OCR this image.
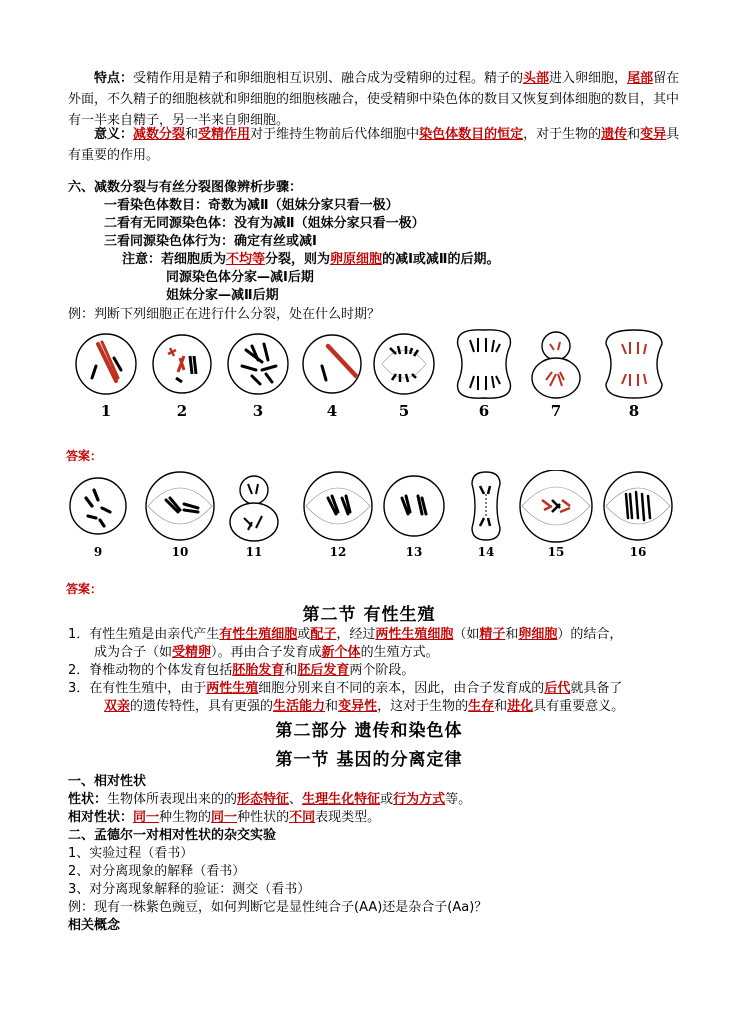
特点：受精作用是精子和卵细胞相互识别、融合成为受精卵的过程。精子的头部进入卵细胞，尾部留在外面，不久精子的细胞核就和卵细胞的细胞核融合，使受精卵中染色体的数目又恢复到体细胞的数目，其中有一半来自精子，另一半来自卵细胞。

意义：减数分裂和受精作用对于维持生物前后代体细胞中染色体数目的恒定，对于生物的遗传和变异具有重要的作用。

六、减数分裂与有丝分裂图像辨析步骤：

一看染色体数目：奇数为减Ⅱ（姐妹分家只看一极）

二看有无同源染色体：没有为减Ⅱ（姐妹分家只看一极）

三看同源染色体行为：确定有丝或减Ⅰ

注意：若细胞质为不均等分裂，则为卵原细胞的减Ⅰ或减Ⅱ的后期。

同源染色体分家—减Ⅰ后期

姐妹分家—减Ⅱ后期

例：判断下列细胞正在进行什么分裂，处在什么时期？

1	2	3	4	5	6	7	8
答案：
9	10	11	12	13	14	15	16
答案：
第二节 有性生殖

1．有性生殖是由亲代产生有性生殖细胞或配子，经过两性生殖细胞（如精子和卵细胞）的结合，

成为合子（如受精卵）。再由合子发育成新个体的生殖方式。

2．脊椎动物的个体发育包括胚胎发育和胚后发育两个阶段。

3．在有性生殖中，由于两性生殖细胞分别来自不同的亲本，因此，由合子发育成的后代就具备了

双亲的遗传特性，具有更强的生活能力和变异性，这对于生物的生存和进化具有重要意义。

第二部分 遗传和染色体
第一节 基因的分离定律

一、相对性状

性状：生物体所表现出来的的形态特征、生理生化特征或行为方式等。

相对性状：同一种生物的同一种性状的不同表现类型。

二、孟德尔一对相对性状的杂交实验

1、实验过程（看书）

2、对分离现象的解释（看书）

3、对分离现象解释的验证：测交（看书）

例：现有一株紫色豌豆，如何判断它是显性纯合子(AA)还是杂合子(Aa)？

相关概念
